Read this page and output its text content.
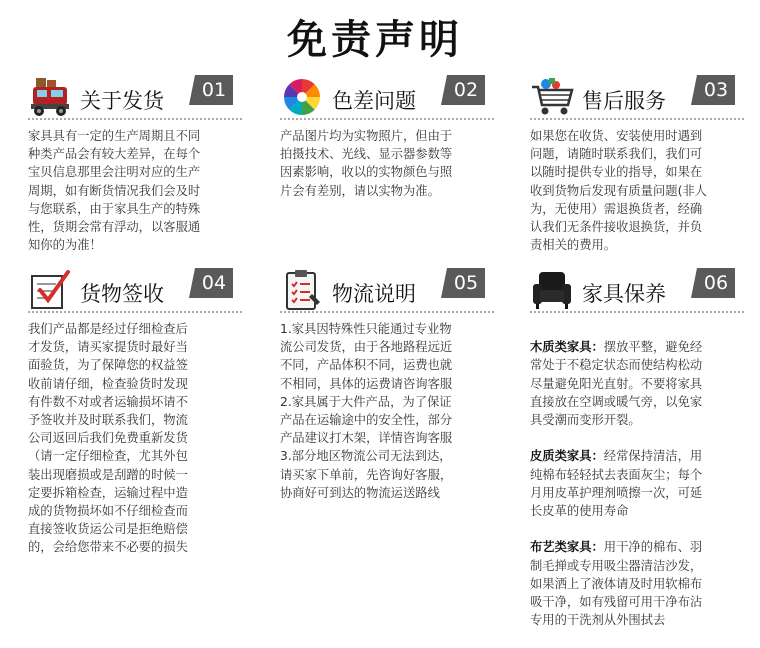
免责声明
关于发货	01
家具具有一定的生产周期且不同
种类产品会有较大差异，在每个
宝贝信息那里会注明对应的生产
周期，如有断货情况我们会及时
与您联系，由于家具生产的特殊
性，货期会常有浮动，以客服通
知你的为准！
色差问题	02
产品图片均为实物照片，但由于
拍摄技术、光线、显示器参数等
因素影响，收以的实物颜色与照
片会有差别，请以实物为准。
售后服务	03
如果您在收货、安装使用时遇到
问题，请随时联系我们，我们可
以随时提供专业的指导，如果在
收到货物后发现有质量问题(非人
为，无使用）需退换货者，经确
认我们无条件接收退换货，并负
责相关的费用。
货物签收	04
我们产品都是经过仔细检查后
才发货，请买家提货时最好当
面验货，为了保障您的权益签
收前请仔细，检查验货时发现
有件数不对或者运输损坏请不
予签收并及时联系我们，物流
公司返回后我们免费重新发货
（请一定仔细检查，尤其外包
装出现磨损或是刮蹭的时候一
定要拆箱检查，运输过程中造
成的货物损坏如不仔细检查而
直接签收货运公司是拒绝赔偿
的，会给您带来不必要的损失
物流说明	05
1.家具因特殊性只能通过专业物
流公司发货，由于各地路程远近
不同，产品体积不同，运费也就
不相同，具体的运费请咨询客服
2.家具属于大件产品，为了保证
产品在运输途中的安全性，部分
产品建议打木架，详情咨询客服
3.部分地区物流公司无法到达，
请买家下单前，先咨询好客服，
协商好可到达的物流运送路线
家具保养	06

木质类家具：摆放平整，避免经
常处于不稳定状态而使结构松动
尽量避免阳光直射。不要将家具
直接放在空调或暖气旁，以免家
具受潮而变形开裂。

皮质类家具：经常保持清洁，用
纯棉布轻轻拭去表面灰尘；每个
月用皮革护理剂喷擦一次，可延
长皮革的使用寿命

布艺类家具：用干净的棉布、羽
制毛掸或专用吸尘器清洁沙发，
如果洒上了液体请及时用软棉布
吸干净，如有残留可用干净布沾
专用的干洗剂从外围拭去
